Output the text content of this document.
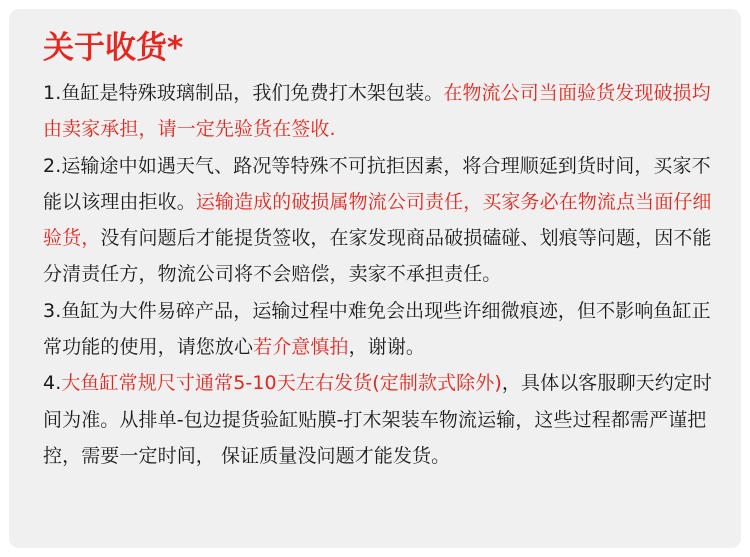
关于收货*

1.鱼缸是特殊玻璃制品，我们免费打木架包装。在物流公司当面验货发现破损均由卖家承担，请一定先验货在签收.

2.运输途中如遇天气、路况等特殊不可抗拒因素，将合理顺延到货时间，买家不能以该理由拒收。运输造成的破损属物流公司责任，买家务必在物流点当面仔细验货，没有问题后才能提货签收，在家发现商品破损磕碰、划痕等问题，因不能分清责任方，物流公司将不会赔偿，卖家不承担责任。

3.鱼缸为大件易碎产品，运输过程中难免会出现些许细微痕迹，但不影响鱼缸正常功能的使用，请您放心若介意慎拍，谢谢。

4.大鱼缸常规尺寸通常5-10天左右发货(定制款式除外)，具体以客服聊天约定时间为准。从排单-包边提货验缸贴膜-打木架装车物流运输，这些过程都需严谨把控，需要一定时间， 保证质量没问题才能发货。
